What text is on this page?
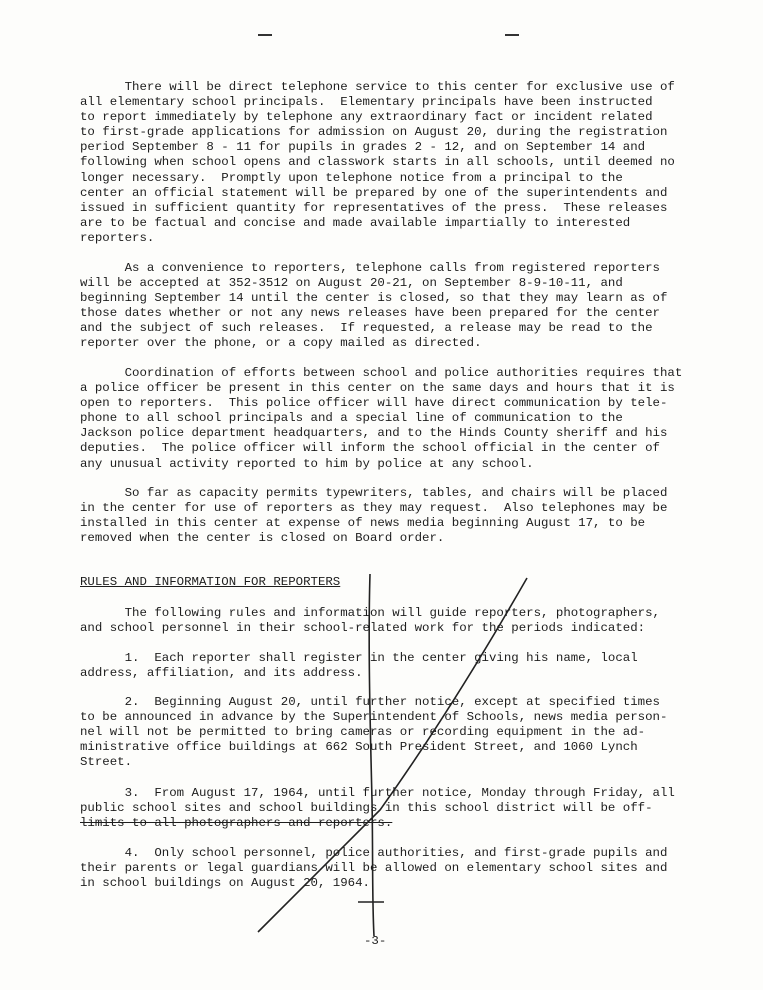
There will be direct telephone service to this center for exclusive use of
all elementary school principals.  Elementary principals have been instructed
to report immediately by telephone any extraordinary fact or incident related
to first-grade applications for admission on August 20, during the registration
period September 8 - 11 for pupils in grades 2 - 12, and on September 14 and
following when school opens and classwork starts in all schools, until deemed no
longer necessary.  Promptly upon telephone notice from a principal to the
center an official statement will be prepared by one of the superintendents and
issued in sufficient quantity for representatives of the press.  These releases
are to be factual and concise and made available impartially to interested
reporters.
As a convenience to reporters, telephone calls from registered reporters
will be accepted at 352-3512 on August 20-21, on September 8-9-10-11, and
beginning September 14 until the center is closed, so that they may learn as of
those dates whether or not any news releases have been prepared for the center
and the subject of such releases.  If requested, a release may be read to the
reporter over the phone, or a copy mailed as directed.
Coordination of efforts between school and police authorities requires that
a police officer be present in this center on the same days and hours that it is
open to reporters.  This police officer will have direct communication by tele-
phone to all school principals and a special line of communication to the
Jackson police department headquarters, and to the Hinds County sheriff and his
deputies.  The police officer will inform the school official in the center of
any unusual activity reported to him by police at any school.
So far as capacity permits typewriters, tables, and chairs will be placed
in the center for use of reporters as they may request.  Also telephones may be
installed in this center at expense of news media beginning August 17, to be
removed when the center is closed on Board order.
RULES AND INFORMATION FOR REPORTERS
The following rules and information will guide reporters, photographers,
and school personnel in their school-related work for the periods indicated:
1.  Each reporter shall register in the center giving his name, local
address, affiliation, and its address.
2.  Beginning August 20, until further notice, except at specified times
to be announced in advance by the Superintendent of Schools, news media person-
nel will not be permitted to bring cameras or recording equipment in the ad-
ministrative office buildings at 662 South President Street, and 1060 Lynch
Street.
3.  From August 17, 1964, until further notice, Monday through Friday, all
public school sites and school buildings in this school district will be off-
limits to all photographers and reporters.
4.  Only school personnel, police authorities, and first-grade pupils and
their parents or legal guardians will be allowed on elementary school sites and
in school buildings on August 20, 1964.
-3-
